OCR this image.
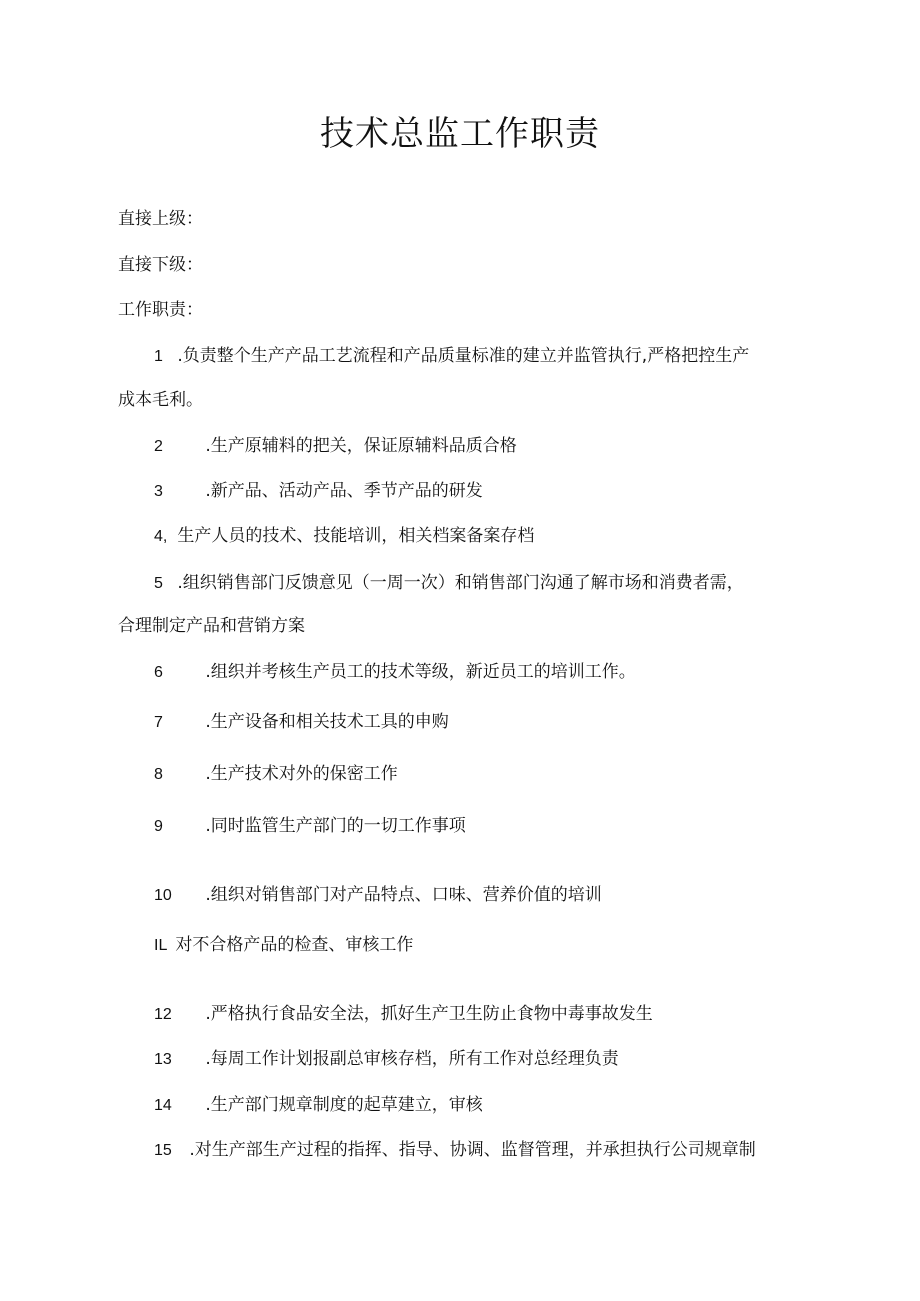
技术总监工作职责
直接上级：
直接下级：
工作职责：
1 .负责整个生产产品工艺流程和产品质量标准的建立并监管执行,严格把控生产
成本毛利。
2	.生产原辅料的把关，保证原辅料品质合格
3	.新产品、活动产品、季节产品的研发
4, 生产人员的技术、技能培训，相关档案备案存档
5 .组织销售部门反馈意见（一周一次）和销售部门沟通了解市场和消费者需，
合理制定产品和营销方案
6	.组织并考核生产员工的技术等级，新近员工的培训工作。
7	.生产设备和相关技术工具的申购
8	.生产技术对外的保密工作
9	.同时监管生产部门的一切工作事项
10 .组织对销售部门对产品特点、口味、营养价值的培训
IL 对不合格产品的检查、审核工作
12 .严格执行食品安全法，抓好生产卫生防止食物中毒事故发生
13 .每周工作计划报副总审核存档，所有工作对总经理负责
14 .生产部门规章制度的起草建立，审核
15 .对生产部生产过程的指挥、指导、协调、监督管理，并承担执行公司规章制
